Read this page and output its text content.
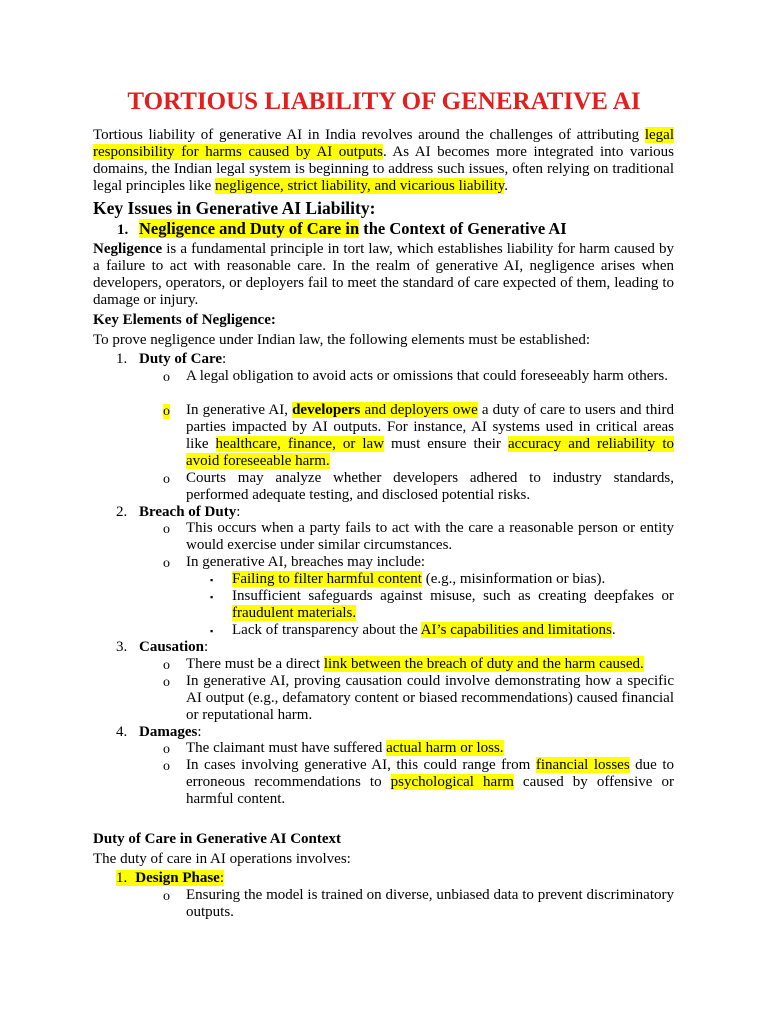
TORTIOUS LIABILITY OF GENERATIVE AI
Tortious liability of generative AI in India revolves around the challenges of attributing legal responsibility for harms caused by AI outputs. As AI becomes more integrated into various domains, the Indian legal system is beginning to address such issues, often relying on traditional legal principles like negligence, strict liability, and vicarious liability.
Key Issues in Generative AI Liability:
1. Negligence and Duty of Care in the Context of Generative AI
Negligence is a fundamental principle in tort law, which establishes liability for harm caused by a failure to act with reasonable care. In the realm of generative AI, negligence arises when developers, operators, or deployers fail to meet the standard of care expected of them, leading to damage or injury.
Key Elements of Negligence:
To prove negligence under Indian law, the following elements must be established:
1. Duty of Care:
o A legal obligation to avoid acts or omissions that could foreseeably harm others.
o In generative AI, developers and deployers owe a duty of care to users and third parties impacted by AI outputs. For instance, AI systems used in critical areas like healthcare, finance, or law must ensure their accuracy and reliability to avoid foreseeable harm.
o Courts may analyze whether developers adhered to industry standards, performed adequate testing, and disclosed potential risks.
2. Breach of Duty:
o This occurs when a party fails to act with the care a reasonable person or entity would exercise under similar circumstances.
o In generative AI, breaches may include:
▪ Failing to filter harmful content (e.g., misinformation or bias).
▪ Insufficient safeguards against misuse, such as creating deepfakes or fraudulent materials.
▪ Lack of transparency about the AI’s capabilities and limitations.
3. Causation:
o There must be a direct link between the breach of duty and the harm caused.
o In generative AI, proving causation could involve demonstrating how a specific AI output (e.g., defamatory content or biased recommendations) caused financial or reputational harm.
4. Damages:
o The claimant must have suffered actual harm or loss.
o In cases involving generative AI, this could range from financial losses due to erroneous recommendations to psychological harm caused by offensive or harmful content.
Duty of Care in Generative AI Context
The duty of care in AI operations involves:
1. Design Phase:
o Ensuring the model is trained on diverse, unbiased data to prevent discriminatory outputs.
